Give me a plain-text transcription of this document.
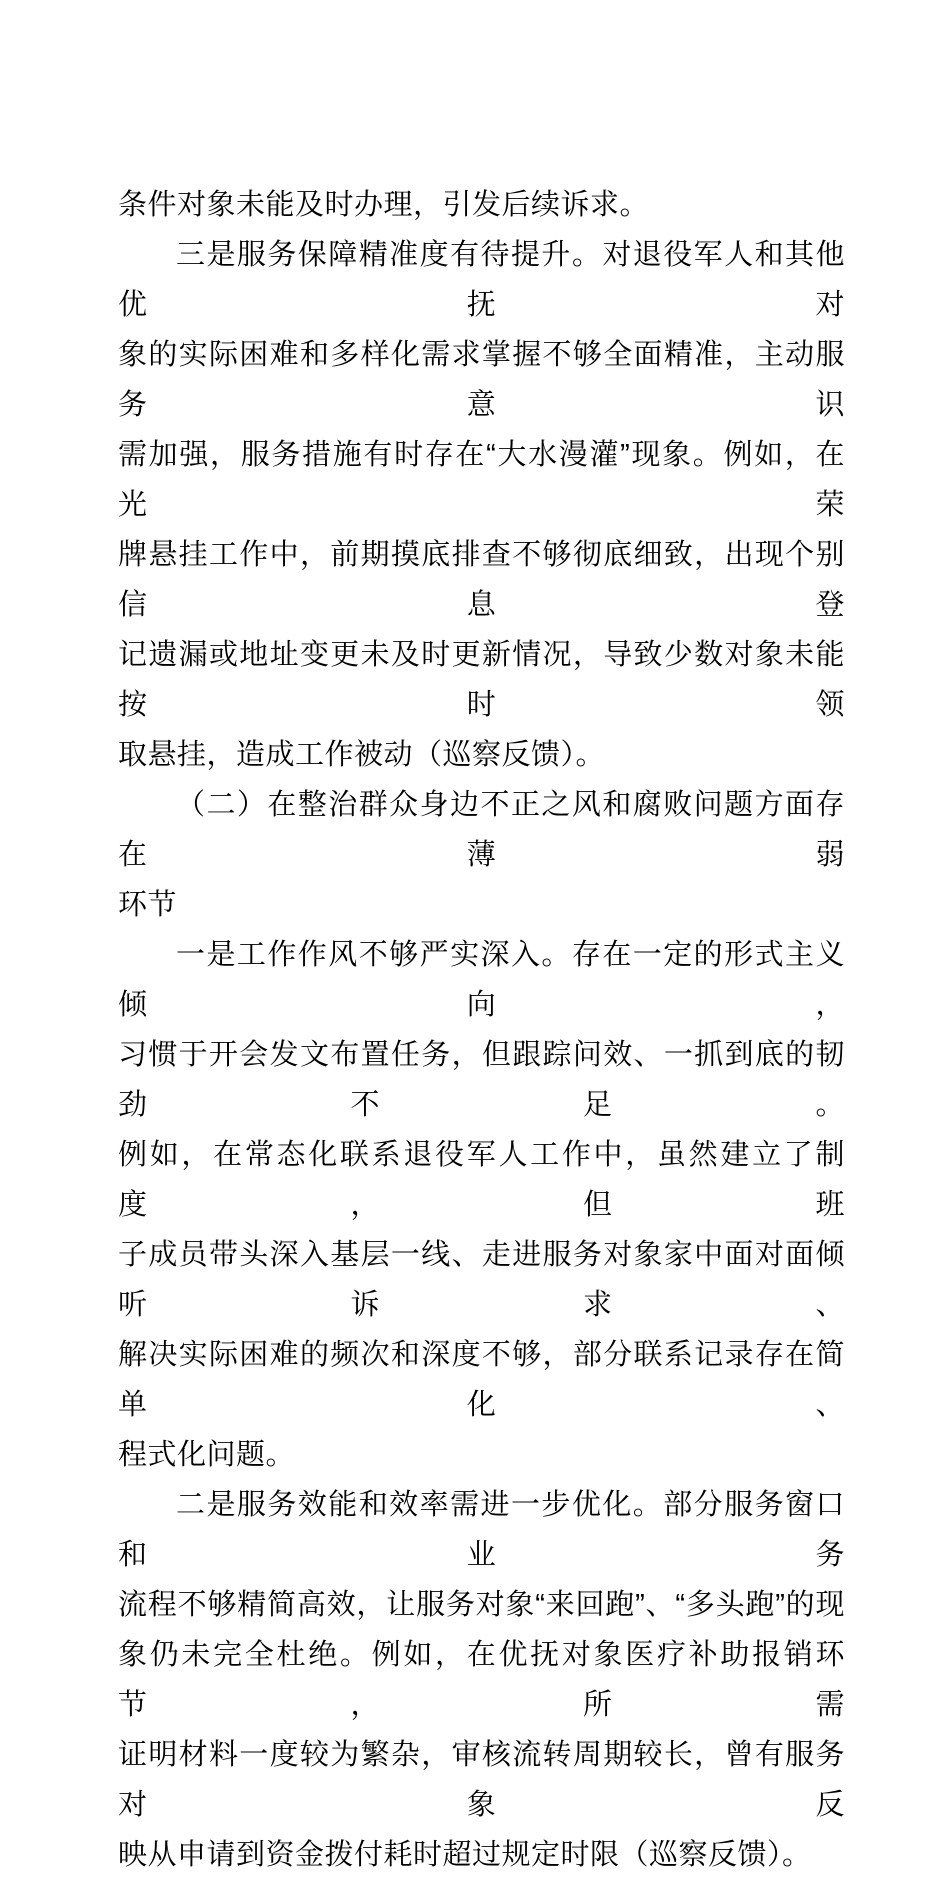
条件对象未能及时办理，引发后续诉求。
三是服务保障精准度有待提升。对退役军人和其他优抚对
象的实际困难和多样化需求掌握不够全面精准，主动服务意识
需加强，服务措施有时存在“大水漫灌”现象。例如，在光荣
牌悬挂工作中，前期摸底排查不够彻底细致，出现个别信息登
记遗漏或地址变更未及时更新情况，导致少数对象未能按时领
取悬挂，造成工作被动（巡察反馈）。
（二）在整治群众身边不正之风和腐败问题方面存在薄弱
环节
一是工作作风不够严实深入。存在一定的形式主义倾向，
习惯于开会发文布置任务，但跟踪问效、一抓到底的韧劲不足。
例如，在常态化联系退役军人工作中，虽然建立了制度，但班
子成员带头深入基层一线、走进服务对象家中面对面倾听诉求、
解决实际困难的频次和深度不够，部分联系记录存在简单化、
程式化问题。
二是服务效能和效率需进一步优化。部分服务窗口和业务
流程不够精简高效，让服务对象“来回跑”、“多头跑”的现
象仍未完全杜绝。例如，在优抚对象医疗补助报销环节，所需
证明材料一度较为繁杂，审核流转周期较长，曾有服务对象反
映从申请到资金拨付耗时超过规定时限（巡察反馈）。
